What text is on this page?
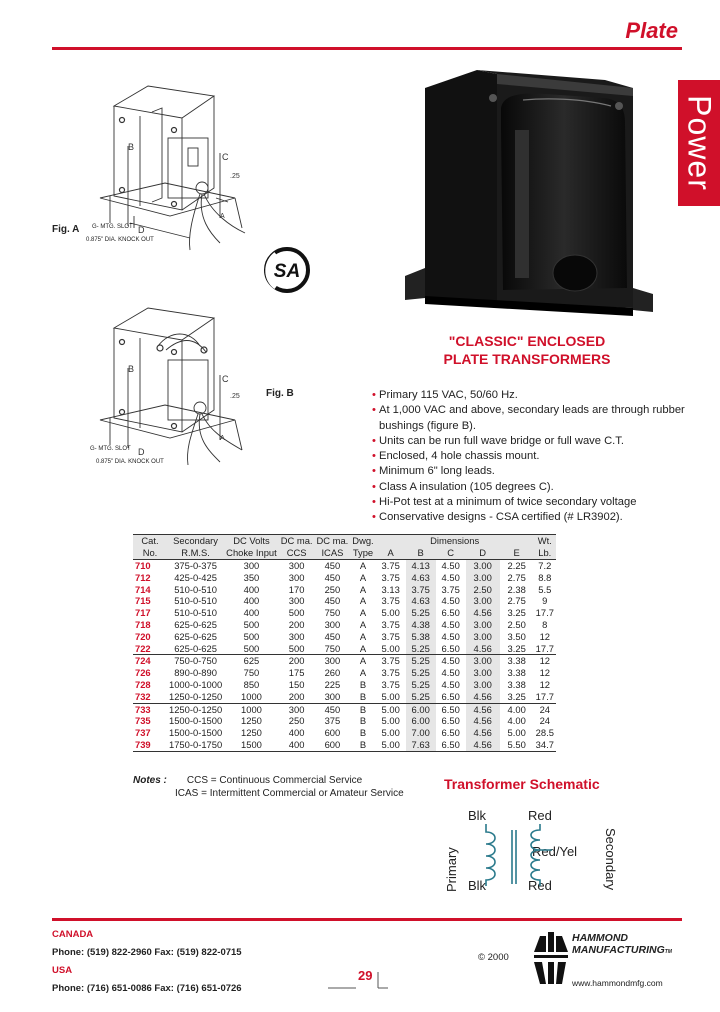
Plate
Power
B
C
D
.25
A
Fig. A G- MTG. SLOT
0.875" DIA. KNOCK OUT
SA
B
C
D
.25
A
Fig. B
G- MTG. SLOT
0.875" DIA. KNOCK OUT
"CLASSIC" ENCLOSED
PLATE TRANSFORMERS
• Primary 115 VAC, 50/60 Hz.
• At 1,000 VAC and above, secondary leads are through rubber bushings (figure B).
• Units can be run full wave bridge or full wave C.T.
• Enclosed, 4 hole chassis mount.
• Minimum 6" long leads.
• Class A insulation (105 degrees C).
• Hi-Pot test at a minimum of twice secondary voltage
• Conservative designs - CSA certified (# LR3902).
Cat.	Secondary	DC Volts	DC ma.	DC ma.	Dwg.	Dimensions					Wt.
No.	R.M.S.	Choke Input	CCS	ICAS	Type	A	B	C	D	E	Lb.
710	375-0-375	300	300	450	A	3.75	4.13	4.50	3.00	2.25	7.2
712	425-0-425	350	300	450	A	3.75	4.63	4.50	3.00	2.75	8.8
714	510-0-510	400	170	250	A	3.13	3.75	3.75	2.50	2.38	5.5
715	510-0-510	400	300	450	A	3.75	4.63	4.50	3.00	2.75	9
717	510-0-510	400	500	750	A	5.00	5.25	6.50	4.56	3.25	17.7
718	625-0-625	500	200	300	A	3.75	4.38	4.50	3.00	2.50	8
720	625-0-625	500	300	450	A	3.75	5.38	4.50	3.00	3.50	12
722	625-0-625	500	500	750	A	5.00	5.25	6.50	4.56	3.25	17.7
724	750-0-750	625	200	300	A	3.75	5.25	4.50	3.00	3.38	12
726	890-0-890	750	175	260	A	3.75	5.25	4.50	3.00	3.38	12
728	1000-0-1000	850	150	225	B	3.75	5.25	4.50	3.00	3.38	12
732	1250-0-1250	1000	200	300	B	5.00	5.25	6.50	4.56	3.25	17.7
733	1250-0-1250	1000	300	450	B	5.00	6.00	6.50	4.56	4.00	24
735	1500-0-1500	1250	250	375	B	5.00	6.00	6.50	4.56	4.00	24
737	1500-0-1500	1250	400	600	B	5.00	7.00	6.50	4.56	5.00	28.5
739	1750-0-1750	1500	400	600	B	5.00	7.63	6.50	4.56	5.50	34.7
Notes : CCS = Continuous Commercial Service
ICAS = Intermittent Commercial or Amateur Service
Transformer Schematic
Blk
Blk
Red
Red/Yel
Red
Primary	Secondary
CANADA
Phone: (519) 822-2960 Fax: (519) 822-0715
USA
Phone: (716) 651-0086 Fax: (716) 651-0726
29
© 2000
HAMMOND
MANUFACTURINGTM
www.hammondmfg.com
